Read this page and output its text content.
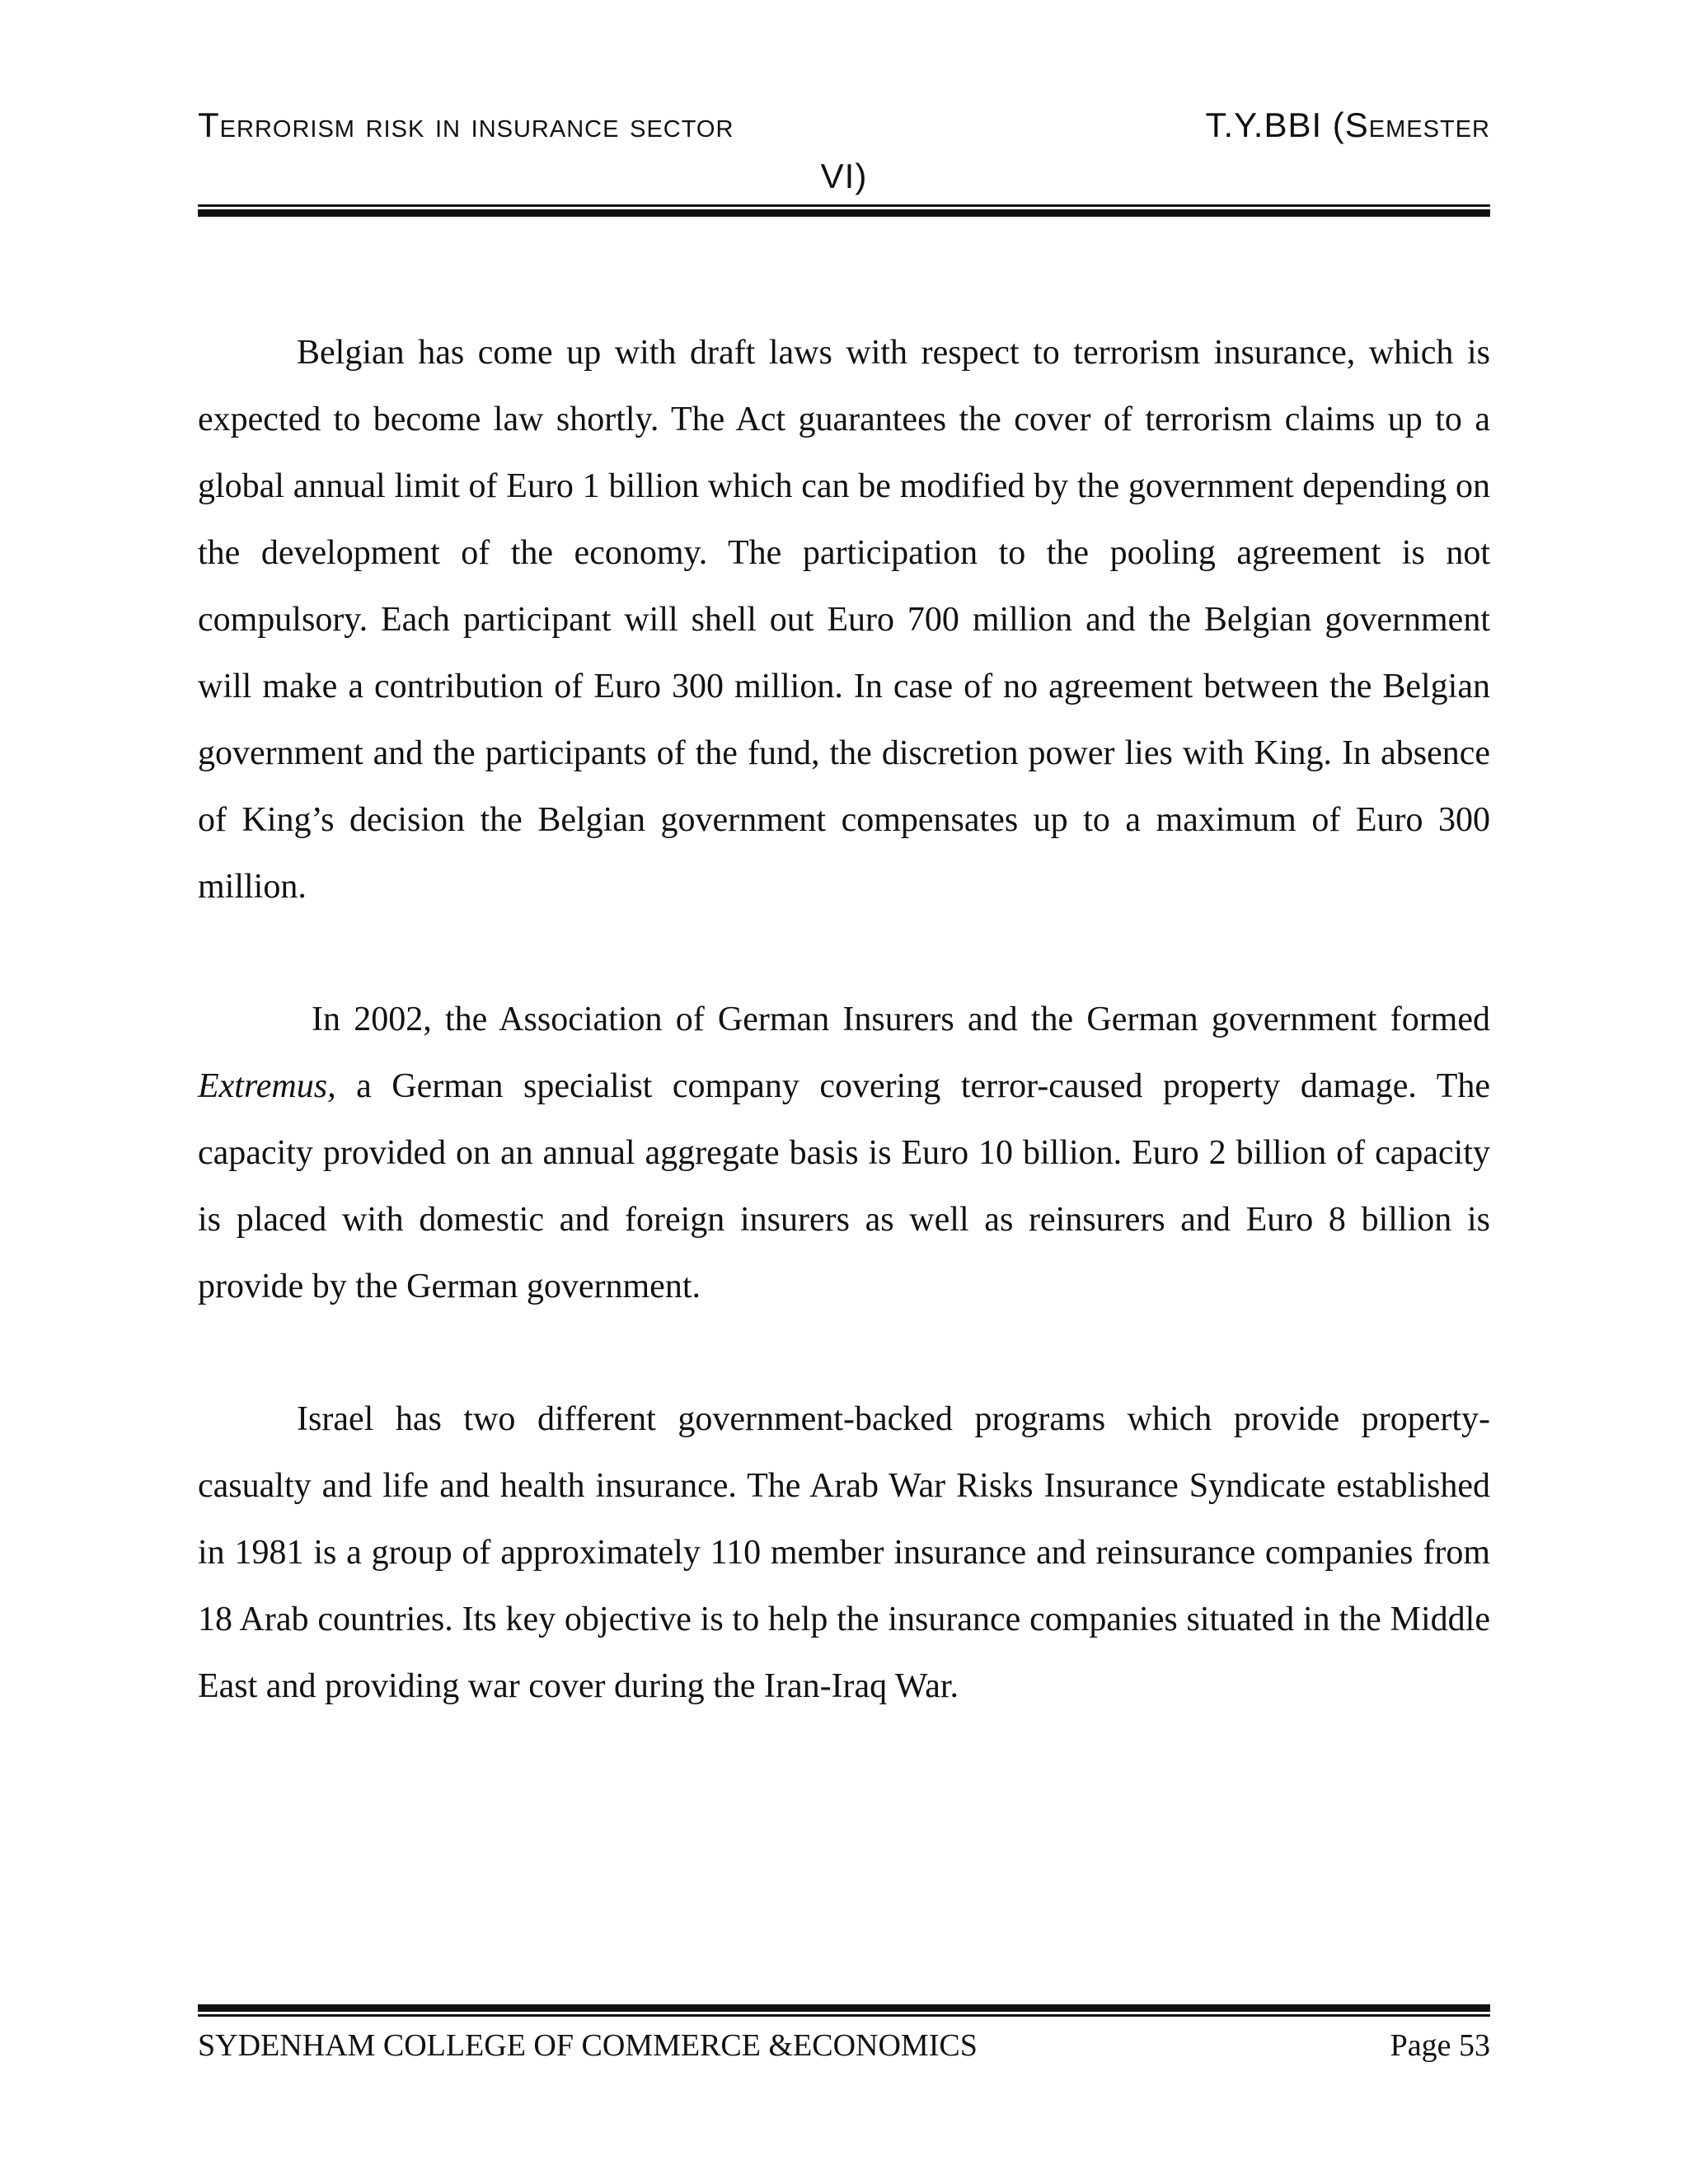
Terrorism risk in insurance sector	T.Y.BBI (Semester
VI)

Belgian has come up with draft laws with respect to terrorism insurance, which is expected to become law shortly. The Act guarantees the cover of terrorism claims up to a global annual limit of Euro 1 billion which can be modified by the government depending on the development of the economy. The participation to the pooling agreement is not compulsory. Each participant will shell out Euro 700 million and the Belgian government will make a contribution of Euro 300 million. In case of no agreement between the Belgian government and the participants of the fund, the discretion power lies with King. In absence of King’s decision the Belgian government compensates up to a maximum of Euro 300 million.

In 2002, the Association of German Insurers and the German government formed Extremus, a German specialist company covering terror-caused property damage. The capacity provided on an annual aggregate basis is Euro 10 billion. Euro 2 billion of capacity is placed with domestic and foreign insurers as well as reinsurers and Euro 8 billion is provide by the German government.

Israel has two different government-backed programs which provide property-casualty and life and health insurance. The Arab War Risks Insurance Syndicate established in 1981 is a group of approximately 110 member insurance and reinsurance companies from 18 Arab countries. Its key objective is to help the insurance companies situated in the Middle East and providing war cover during the Iran-Iraq War.

SYDENHAM COLLEGE OF COMMERCE &ECONOMICS	Page 53
